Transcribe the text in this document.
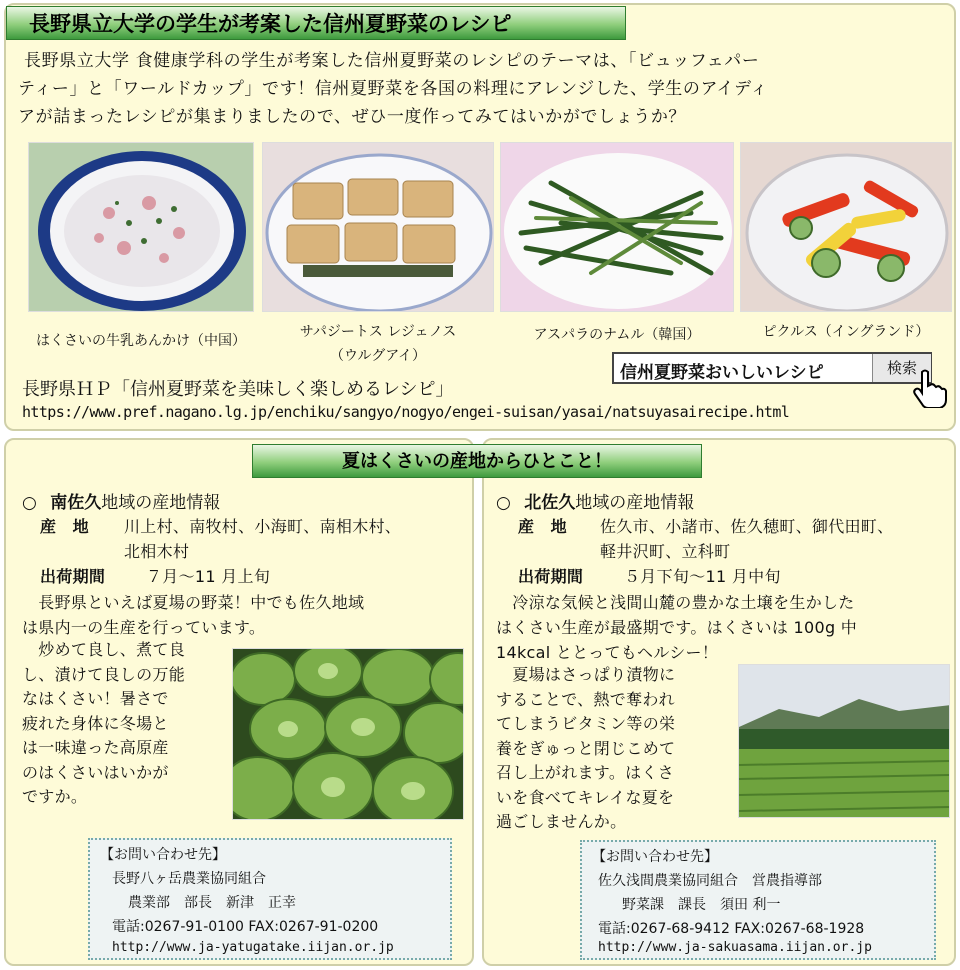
長野県立大学の学生が考案した信州夏野菜のレシピ
長野県立大学 食健康学科の学生が考案した信州夏野菜のレシピのテーマは、「ビュッフェパー
ティー」と「ワールドカップ」です！信州夏野菜を各国の料理にアレンジした、学生のアイディ
アが詰まったレシピが集まりましたので、ぜひ一度作ってみてはいかがでしょうか？
はくさいの牛乳あんかけ（中国）
サパジートス レジェノス
（ウルグアイ）
アスパラのナムル（韓国）	ピクルス（イングランド）
信州夏野菜おいしいレシピ	検索
長野県ＨＰ「信州夏野菜を美味しく楽しめるレシピ」
https://www.pref.nagano.lg.jp/enchiku/sangyo/nogyo/engei-suisan/yasai/natsuyasairecipe.html
夏はくさいの産地からひとこと！
○ 南佐久地域の産地情報
産　地 川上村、南牧村、小海町、南相木村、
北相木村
出荷期間	７月～11 月上旬
　長野県といえば夏場の野菜！中でも佐久地域
は県内一の生産を行っています。
　炒めて良し、煮て良
し、漬けて良しの万能
なはくさい！暑さで
疲れた身体に冬場と
は一味違った高原産
のはくさいはいかが
ですか。
【お問い合わせ先】
長野八ヶ岳農業協同組合
農業部　部長　新津　正幸
電話:0267-91-0100 FAX:0267-91-0200
http://www.ja-yatugatake.iijan.or.jp
○ 北佐久地域の産地情報
産　地 佐久市、小諸市、佐久穂町、御代田町、
軽井沢町、立科町
出荷期間	５月下旬～11 月中旬
　冷涼な気候と浅間山麓の豊かな土壌を生かした
はくさい生産が最盛期です。はくさいは 100g 中
14kcal ととってもヘルシー！
　夏場はさっぱり漬物に
することで、熱で奪われ
てしまうビタミン等の栄
養をぎゅっと閉じこめて
召し上がれます。はくさ
いを食べてキレイな夏を
過ごしませんか。
【お問い合わせ先】
佐久浅間農業協同組合　営農指導部
野菜課　課長　須田 利一
電話:0267-68-9412 FAX:0267-68-1928
http://www.ja-sakuasama.iijan.or.jp
